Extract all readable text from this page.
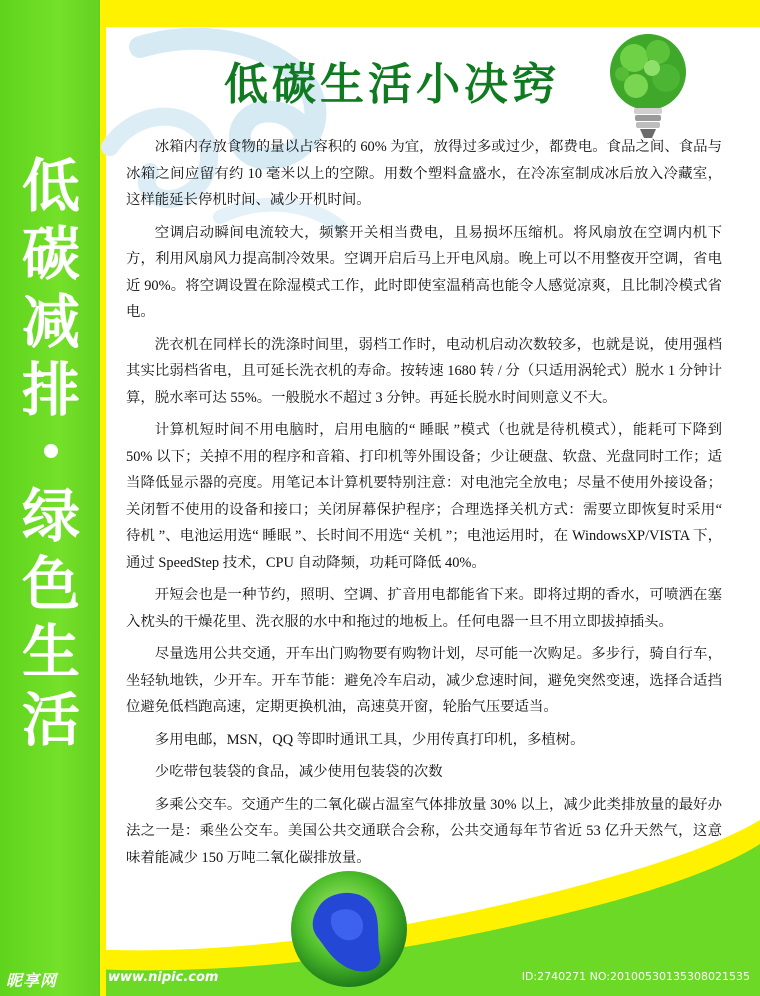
低
碳
减
排
绿
色
生
活
低碳生活小决窍

冰箱内存放食物的量以占容积的 60% 为宜，放得过多或过少，都费电。食品之间、食品与冰箱之间应留有约 10 毫米以上的空隙。用数个塑料盒盛水，在冷冻室制成冰后放入冷藏室，这样能延长停机时间、减少开机时间。

空调启动瞬间电流较大，频繁开关相当费电，且易损坏压缩机。将风扇放在空调内机下方，利用风扇风力提高制冷效果。空调开启后马上开电风扇。晚上可以不用整夜开空调，省电近 90%。将空调设置在除湿模式工作，此时即使室温稍高也能令人感觉凉爽，且比制冷模式省电。

洗衣机在同样长的洗涤时间里，弱档工作时，电动机启动次数较多，也就是说，使用强档其实比弱档省电，且可延长洗衣机的寿命。按转速 1680 转 / 分（只适用涡轮式）脱水 1 分钟计算，脱水率可达 55%。一般脱水不超过 3 分钟。再延长脱水时间则意义不大。

计算机短时间不用电脑时，启用电脑的“ 睡眠 ”模式（也就是待机模式），能耗可下降到 50% 以下；关掉不用的程序和音箱、打印机等外围设备；少让硬盘、软盘、光盘同时工作；适当降低显示器的亮度。用笔记本计算机要特别注意：对电池完全放电；尽量不使用外接设备；关闭暂不使用的设备和接口；关闭屏幕保护程序；合理选择关机方式：需要立即恢复时采用“ 待机 ”、电池运用选“ 睡眠 ”、长时间不用选“ 关机 ”；电池运用时，在 WindowsXP/VISTA 下，通过 SpeedStep 技术，CPU 自动降频，功耗可降低 40%。

开短会也是一种节约，照明、空调、扩音用电都能省下来。即将过期的香水，可喷洒在塞入枕头的干燥花里、洗衣服的水中和拖过的地板上。任何电器一旦不用立即拔掉插头。

尽量选用公共交通，开车出门购物要有购物计划，尽可能一次购足。多步行，骑自行车，坐轻轨地铁，少开车。开车节能：避免冷车启动，减少怠速时间，避免突然变速，选择合适挡位避免低档跑高速，定期更换机油，高速莫开窗，轮胎气压要适当。

多用电邮，MSN，QQ 等即时通讯工具，少用传真打印机，多植树。

少吃带包装袋的食品，减少使用包装袋的次数

多乘公交车。交通产生的二氧化碳占温室气体排放量 30% 以上，减少此类排放量的最好办法之一是：乘坐公交车。美国公共交通联合会称，公共交通每年节省近 53 亿升天然气，这意味着能减少 150 万吨二氧化碳排放量。

昵享网	www.nipic.com	ID:2740271 NO:20100530135308021535
